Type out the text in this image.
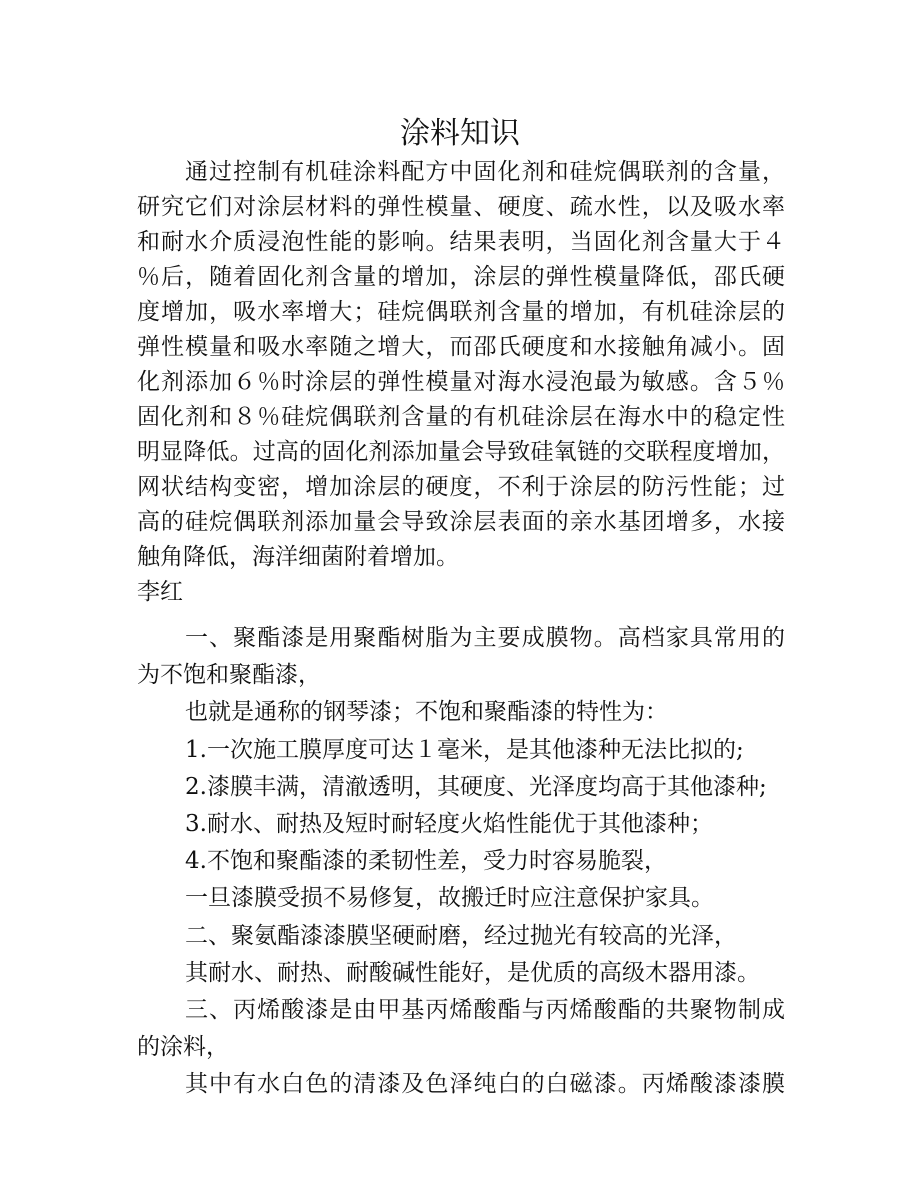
涂料知识
通过控制有机硅涂料配方中固化剂和硅烷偶联剂的含量，
研究它们对涂层材料的弹性模量、硬度、疏水性，以及吸水率
和耐水介质浸泡性能的影响。结果表明，当固化剂含量大于４
％后，随着固化剂含量的增加，涂层的弹性模量降低，邵氏硬
度增加，吸水率增大；硅烷偶联剂含量的增加，有机硅涂层的
弹性模量和吸水率随之增大，而邵氏硬度和水接触角减小。固
化剂添加６％时涂层的弹性模量对海水浸泡最为敏感。含５％
固化剂和８％硅烷偶联剂含量的有机硅涂层在海水中的稳定性
明显降低。过高的固化剂添加量会导致硅氧链的交联程度增加，
网状结构变密，增加涂层的硬度，不利于涂层的防污性能；过
高的硅烷偶联剂添加量会导致涂层表面的亲水基团增多，水接
触角降低，海洋细菌附着增加。
李红
一、聚酯漆是用聚酯树脂为主要成膜物。高档家具常用的
为不饱和聚酯漆，
也就是通称的钢琴漆；不饱和聚酯漆的特性为：
1.一次施工膜厚度可达１毫米，是其他漆种无法比拟的;
2.漆膜丰满，清澈透明，其硬度、光泽度均高于其他漆种;
3.耐水、耐热及短时耐轻度火焰性能优于其他漆种；
4.不饱和聚酯漆的柔韧性差，受力时容易脆裂，
一旦漆膜受损不易修复，故搬迁时应注意保护家具。
二、聚氨酯漆漆膜坚硬耐磨，经过抛光有较高的光泽，
其耐水、耐热、耐酸碱性能好，是优质的高级木器用漆。
三、丙烯酸漆是由甲基丙烯酸酯与丙烯酸酯的共聚物制成
的涂料，
其中有水白色的清漆及色泽纯白的白磁漆。丙烯酸漆漆膜
